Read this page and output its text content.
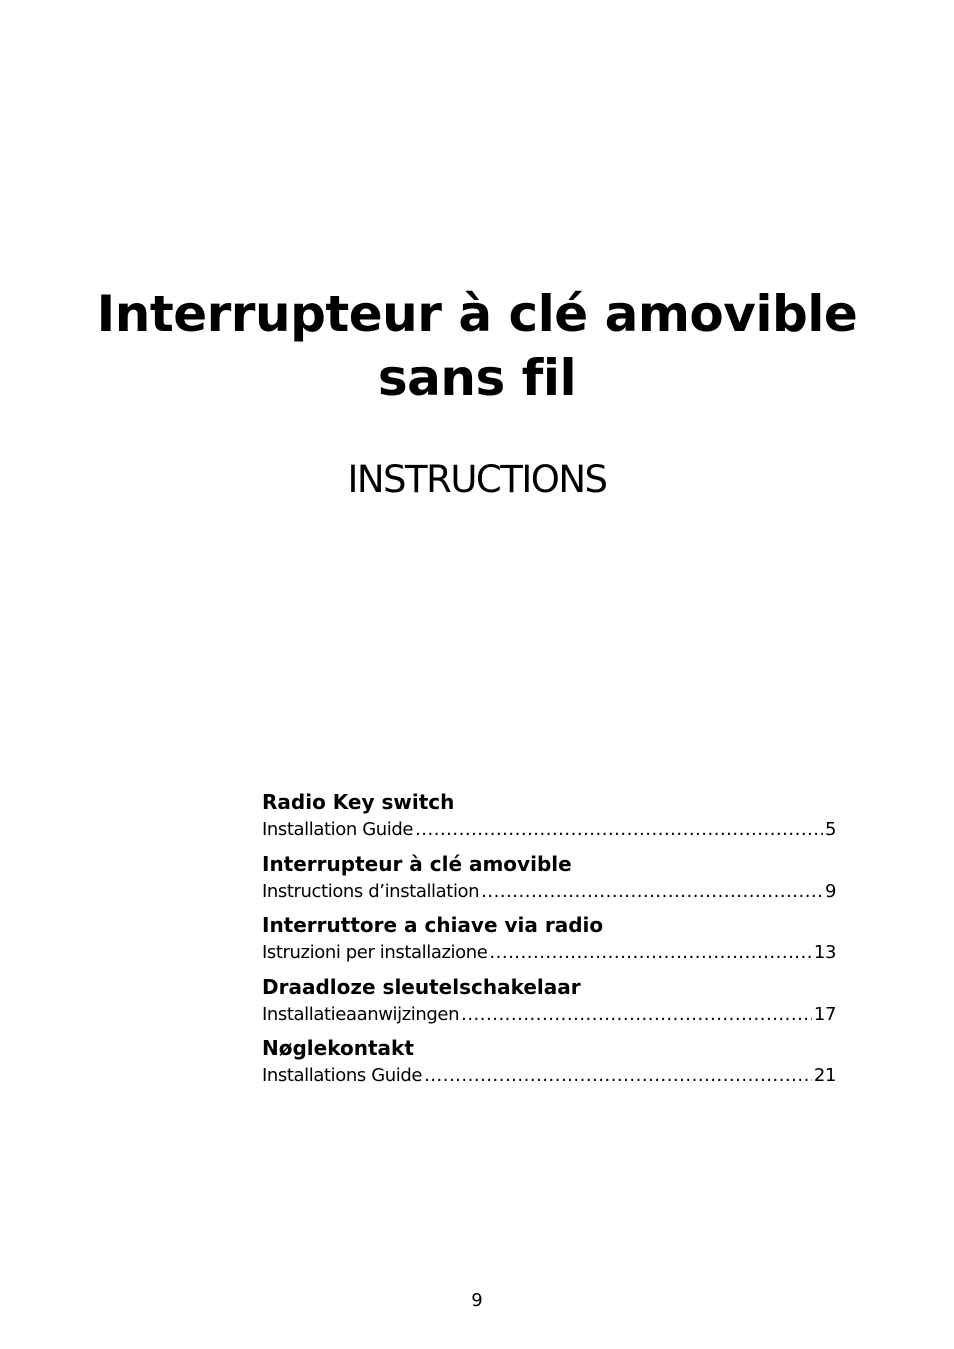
Interrupteur à clé amovible
sans fil
INSTRUCTIONS
Radio Key switch
Installation Guide .....	5
Interrupteur à clé amovible
Instructions d’installation .....	9
Interruttore a chiave via radio
Istruzioni per installazione .....	13
Draadloze sleutelschakelaar
Installatieaanwijzingen .....	17
Nøglekontakt
Installations Guide .....	21
9
